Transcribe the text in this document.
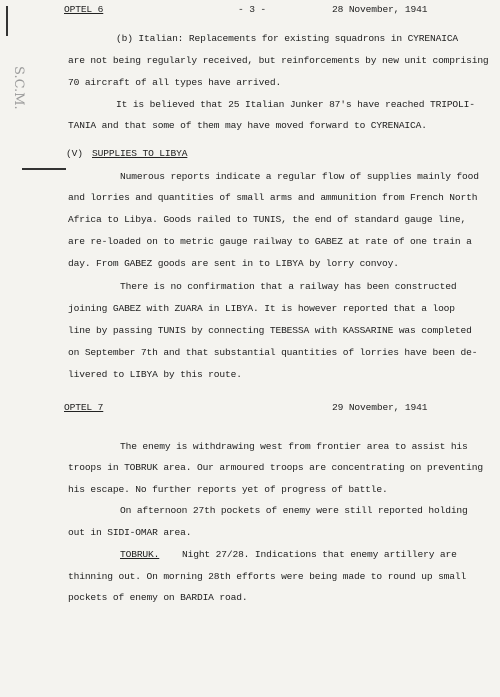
S.C.M.
OPTEL 6	- 3 -	28 November, 1941
(b) Italian: Replacements for existing squadrons in CYRENAICA
are not being regularly received, but reinforcements by new unit comprising
70 aircraft of all types have arrived.
It is believed that 25 Italian Junker 87's have reached TRIPOLI-
TANIA and that some of them may have moved forward to CYRENAICA.
(V) SUPPLIES TO LIBYA
Numerous reports indicate a regular flow of supplies mainly food
and lorries and quantities of small arms and ammunition from French North
Africa to Libya. Goods railed to TUNIS, the end of standard gauge line,
are re-loaded on to metric gauge railway to GABEZ at rate of one train a
day. From GABEZ goods are sent in to LIBYA by lorry convoy.
There is no confirmation that a railway has been constructed
joining GABEZ with ZUARA in LIBYA. It is however reported that a loop
line by passing TUNIS by connecting TEBESSA with KASSARINE was completed
on September 7th and that substantial quantities of lorries have been de-
livered to LIBYA by this route.
OPTEL 7	29 November, 1941
The enemy is withdrawing west from frontier area to assist his
troops in TOBRUK area. Our armoured troops are concentrating on preventing
his escape. No further reports yet of progress of battle.
On afternoon 27th pockets of enemy were still reported holding
out in SIDI-OMAR area.
TOBRUK. Night 27/28. Indications that enemy artillery are
thinning out. On morning 28th efforts were being made to round up small
pockets of enemy on BARDIA road.
